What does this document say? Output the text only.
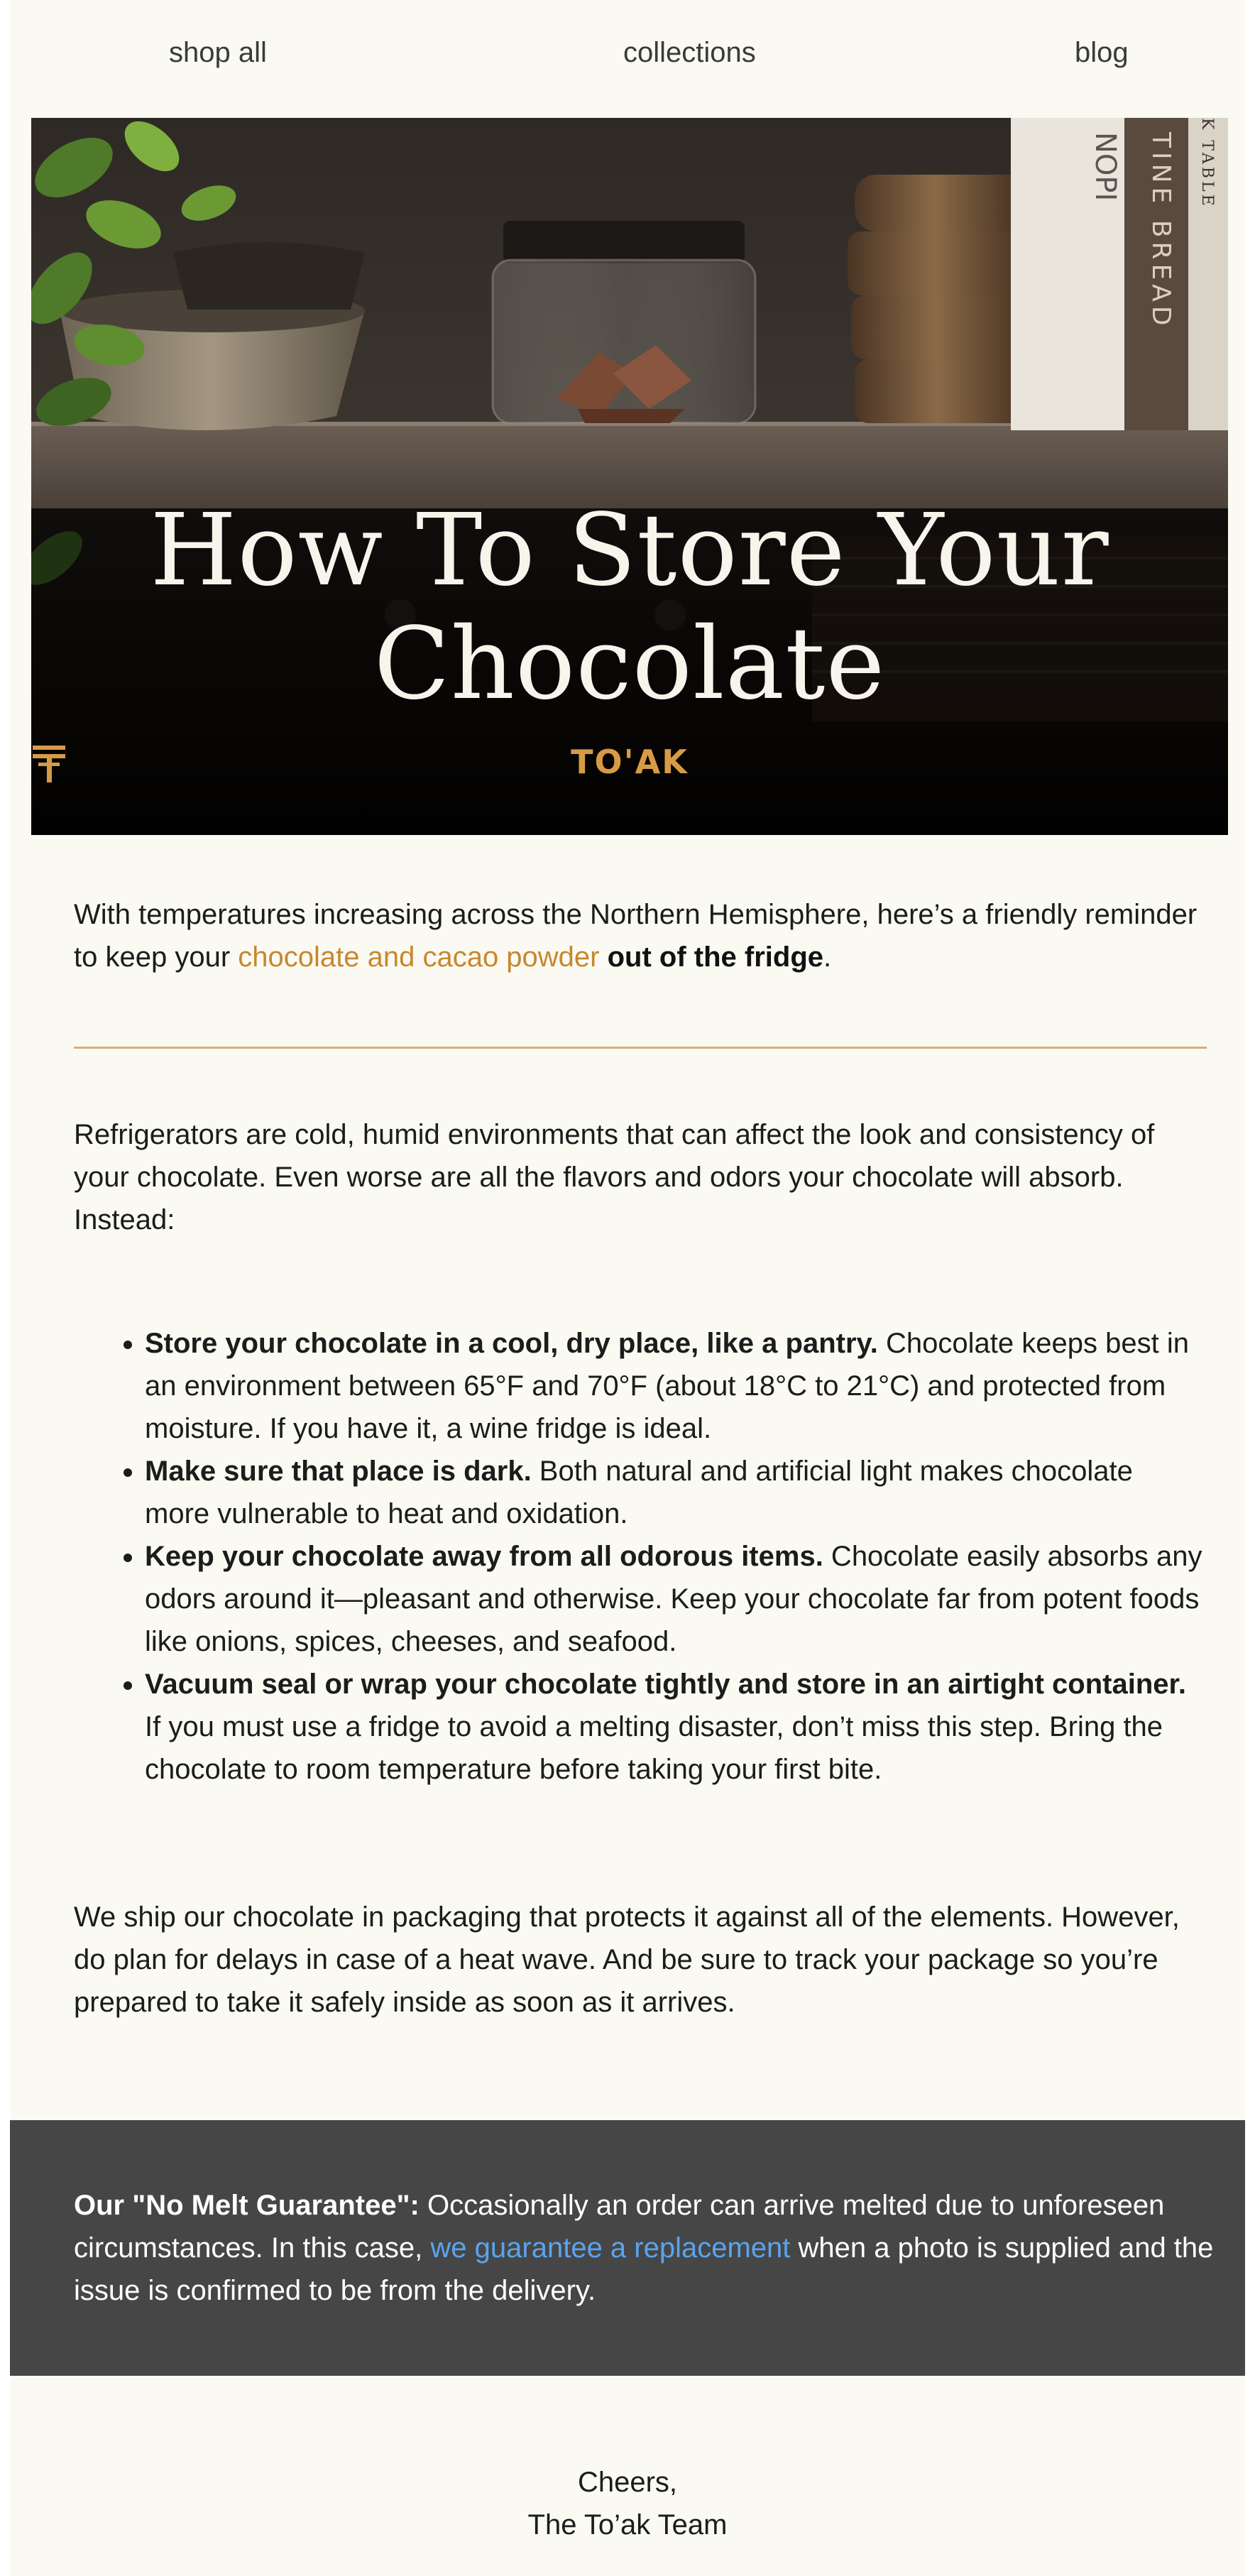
shop all	collections	blog
NOPI TINE BREAD K TABLE
How To Store Your
Chocolate
TO'AK
With temperatures increasing across the Northern Hemisphere, here’s a friendly reminder to keep your chocolate and cacao powder out of the fridge.
Refrigerators are cold, humid environments that can affect the look and consistency of your chocolate. Even worse are all the flavors and odors your chocolate will absorb. Instead:
• Store your chocolate in a cool, dry place, like a pantry. Chocolate keeps best in an environment between 65°F and 70°F (about 18°C to 21°C) and protected from moisture. If you have it, a wine fridge is ideal.
• Make sure that place is dark. Both natural and artificial light makes chocolate more vulnerable to heat and oxidation.
• Keep your chocolate away from all odorous items. Chocolate easily absorbs any odors around it—pleasant and otherwise. Keep your chocolate far from potent foods like onions, spices, cheeses, and seafood.
• Vacuum seal or wrap your chocolate tightly and store in an airtight container. If you must use a fridge to avoid a melting disaster, don’t miss this step. Bring the chocolate to room temperature before taking your first bite.
We ship our chocolate in packaging that protects it against all of the elements. However, do plan for delays in case of a heat wave. And be sure to track your package so you’re prepared to take it safely inside as soon as it arrives.
Our "No Melt Guarantee": Occasionally an order can arrive melted due to unforeseen circumstances. In this case, we guarantee a replacement when a photo is supplied and the issue is confirmed to be from the delivery.
Cheers,
The To’ak Team
